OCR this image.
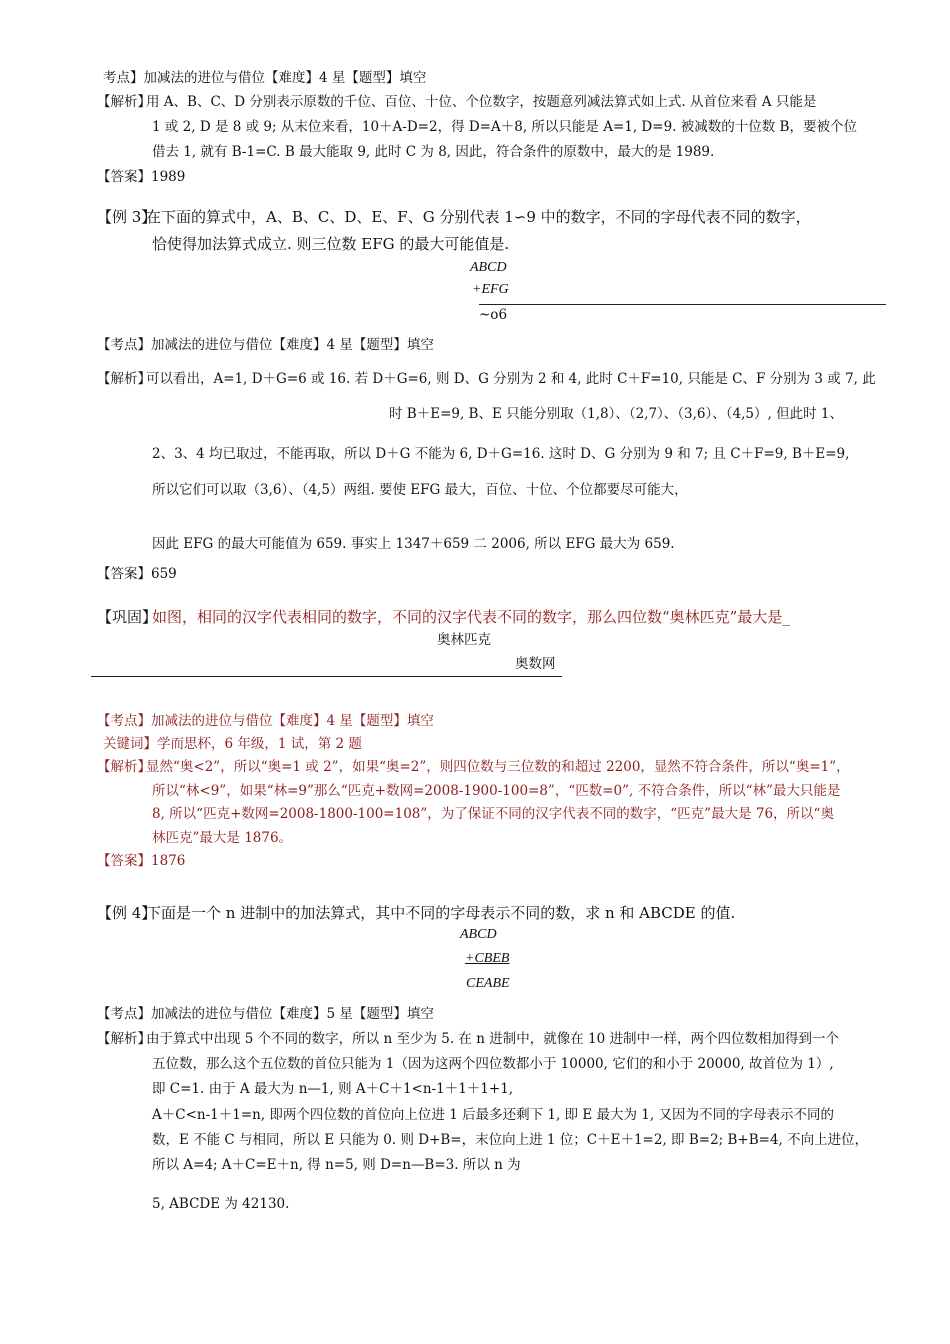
考点】加减法的进位与借位【难度】4 星【题型】填空
【解析】
用 A、B、C、D 分别表示原数的千位、百位、十位、个位数字，按题意列减法算式如上式. 从首位来看 A 只能是
1 或 2, D 是 8 或 9; 从末位来看，10＋A-D=2，得 D=A＋8, 所以只能是 A=1, D=9. 被减数的十位数 B，要被个位
借去 1, 就有 B-1=C. B 最大能取 9, 此时 C 为 8, 因此，符合条件的原数中，最大的是 1989.
【答案】1989
【例 3】
在下面的算式中，A、B、C、D、E、F、G 分别代表 1∽9 中的数字，不同的字母代表不同的数字，
恰使得加法算式成立. 则三位数 EFG 的最大可能值是.
ABCD
+EFG
~o6
【考点】加减法的进位与借位【难度】4 星【题型】填空
【解析】
可以看出，A=1, D＋G=6 或 16. 若 D＋G=6, 则 D、G 分别为 2 和 4, 此时 C＋F=10, 只能是 C、F 分别为 3 或 7, 此
时 B＋E=9, B、E 只能分别取（1,8）、（2,7）、（3,6）、（4,5）, 但此时 1、
2、3、4 均已取过，不能再取，所以 D＋G 不能为 6, D＋G=16. 这时 D、G 分别为 9 和 7; 且 C＋F=9, B＋E=9,
所以它们可以取（3,6）、（4,5）两组. 要使 EFG 最大，百位、十位、个位都要尽可能大，
因此 EFG 的最大可能值为 659. 事实上 1347＋659 二 2006, 所以 EFG 最大为 659.
【答案】659
【巩固】
如图，相同的汉字代表相同的数字，不同的汉字代表不同的数字，那么四位数“奥林匹克”最大是_
奥林匹克
奥数网
【考点】加减法的进位与借位【难度】4 星【题型】填空
关键词】学而思杯，6 年级，1 试，第 2 题
【解析】
显然“奥<2”，所以“奥=1 或 2”，如果“奥=2”，则四位数与三位数的和超过 2200，显然不符合条件，所以“奥=1”，
所以“林<9”，如果“林=9”那么“匹克+数网=2008-1900-100=8”，“匹数=0”, 不符合条件，所以“林”最大只能是
8, 所以“匹克+数网=2008-1800-100=108”，为了保证不同的汉字代表不同的数字，“匹克”最大是 76，所以“奥
林匹克”最大是 1876。
【答案】1876
【例 4】
下面是一个 n 进制中的加法算式，其中不同的字母表示不同的数，求 n 和 ABCDE 的值.
ABCD
+CBEB
CEABE
【考点】加减法的进位与借位【难度】5 星【题型】填空
【解析】
由于算式中出现 5 个不同的数字，所以 n 至少为 5. 在 n 进制中，就像在 10 进制中一样，两个四位数相加得到一个
五位数，那么这个五位数的首位只能为 1（因为这两个四位数都小于 10000, 它们的和小于 20000, 故首位为 1）,
即 C=1. 由于 A 最大为 n—1, 则 A＋C＋1<n-1＋1＋1+1,
A＋C<n-1＋1=n, 即两个四位数的首位向上位进 1 后最多还剩下 1, 即 E 最大为 1, 又因为不同的字母表示不同的
数，E 不能 C 与相同，所以 E 只能为 0. 则 D+B=，末位向上进 1 位；C＋E＋1=2, 即 B=2; B+B=4, 不向上进位，
所以 A=4; A＋C=E＋n, 得 n=5, 则 D=n—B=3. 所以 n 为
5, ABCDE 为 42130.
